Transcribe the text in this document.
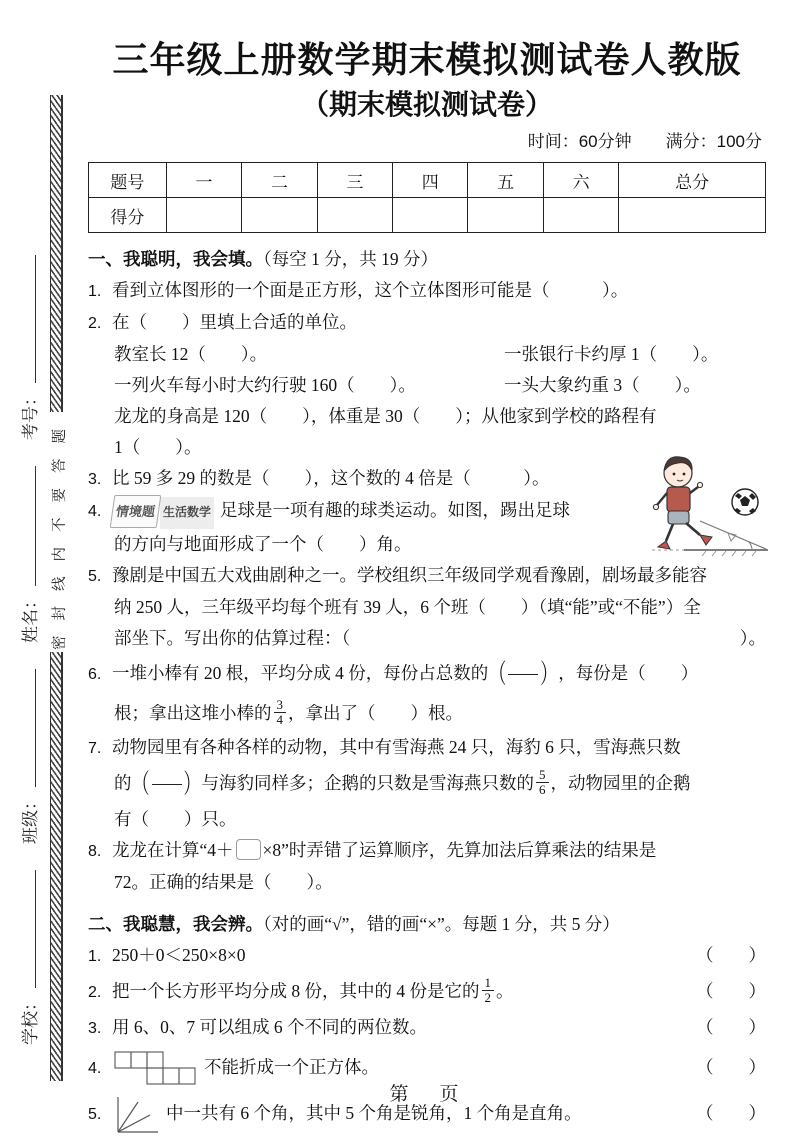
学校：
班级：
姓名：
考号： 密封线内不要答题
三年级上册数学期末模拟测试卷人教版
（期末模拟测试卷）
时间：60分钟 满分：100分
题号	一	二	三	四	五	六	总分
得分							
一、我聪明，我会填。（每空 1 分，共 19 分）
1. 看到立体图形的一个面是正方形，这个立体图形可能是（　　　）。
2. 在（　　）里填上合适的单位。
教室长 12（　　）。	一张银行卡约厚 1（　　）。
一列火车每小时大约行驶 160（　　）。	一头大象约重 3（　　）。
龙龙的身高是 120（　　），体重是 30（　　）；从他家到学校的路程有
1（　　）。
3. 比 59 多 29 的数是（　　），这个数的 4 倍是（　　　）。
4. 情境题 生活数学 足球是一项有趣的球类运动。如图，踢出足球
的方向与地面形成了一个（　　）角。
5. 豫剧是中国五大戏曲剧种之一。学校组织三年级同学观看豫剧，剧场最多能容
纳 250 人，三年级平均每个班有 39 人，6 个班（　　）（填“能”或“不能”）全
部坐下。写出你的估算过程：（	）。
6. 一堆小棒有 20 根，平均分成 4 份，每份占总数的 （ ） ，每份是（　　）
根；拿出这堆小棒的 $\frac{3}{4}$ ，拿出了（　　）根。
7. 动物园里有各种各样的动物，其中有雪海燕 24 只，海豹 6 只，雪海燕只数
的 （ ） 与海豹同样多；企鹅的只数是雪海燕只数的 $\frac{5}{6}$ ，动物园里的企鹅
有（　　）只。
8. 龙龙在计算“4＋ ×8”时弄错了运算顺序，先算加法后算乘法的结果是
72。正确的结果是（　　）。
二、我聪慧，我会辨。（对的画“√”，错的画“×”。每题 1 分，共 5 分）
1. 250＋0＜250×8×0	（　　）
2. 把一个长方形平均分成 8 份，其中的 4 份是它的 $\frac{1}{2}$ 。	（　　）
3. 用 6、0、7 可以组成 6 个不同的两位数。	（　　）
4.	不能折成一个正方体。	（　　）
5.	中一共有 6 个角，其中 5 个角是锐角，1 个角是直角。	（　　）
第　页
